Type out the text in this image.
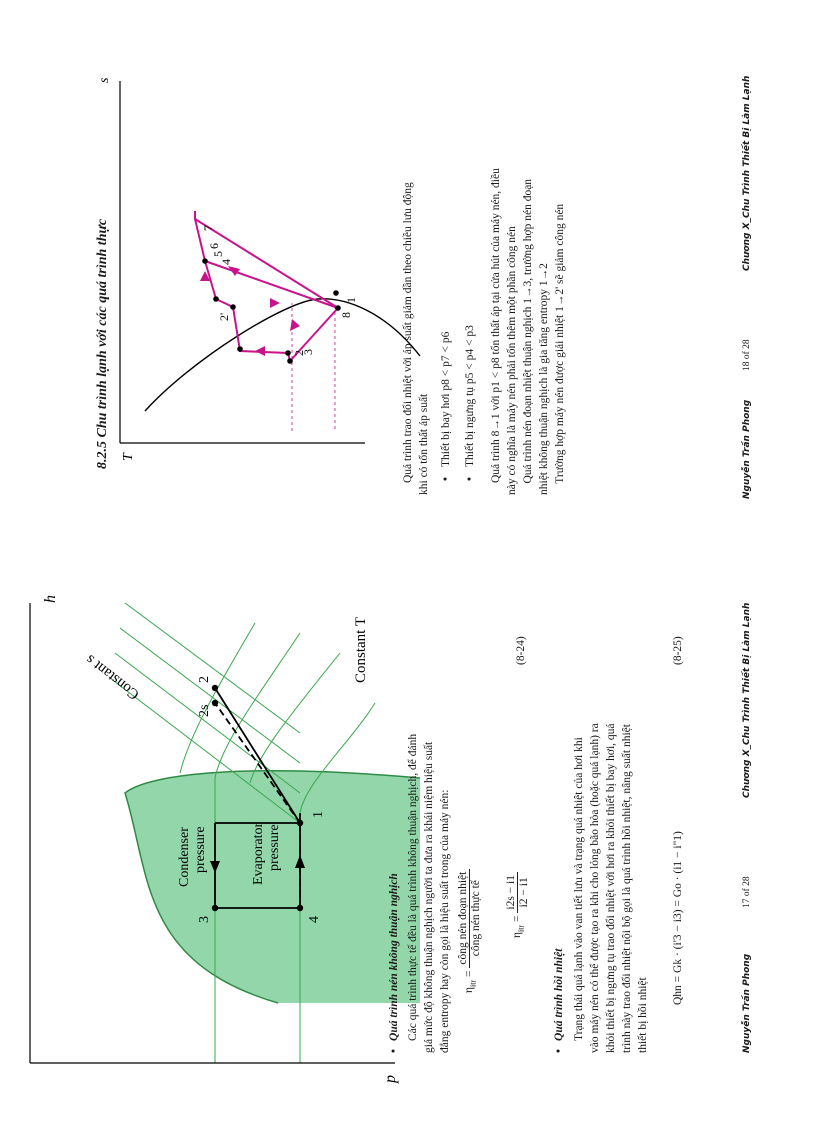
p
h
1
2
2s
3	4
Constant s	Constant T
Condenser pressure	Evaporator pressure
•Quá trình nén không thuận nghịch Các quá trình thực tế đều là quá trình không thuận nghịch, để đánh giá mức độ không thuận nghịch người ta đưa ra khái niệm hiệu suất đẳng entropy hay còn gọi là hiệu suất trong của máy nén:	$\eta_{itr}$ =
công nén đoạn nhiệt công nén thực tế	$\eta_{itr}$ =
i2s − i1 i2 − i1
(8-24)
•Quá trình hồi nhiệt Trạng thái quá lạnh vào van tiết lưu và trạng quá nhiệt của hơi khi vào máy nén có thể được tạo ra khi cho lỏng bão hòa (hoặc quá lạnh) ra khỏi thiết bị ngưng tụ trao đổi nhiệt với hơi ra khỏi thiết bị bay hơi, quá trình này trao đổi nhiệt nội bộ gọi là quá trình hồi nhiệt, nâng suất nhiệt thiết bị hồi nhiệt
Qhn = Gk · (i'3 − i3) = Go · (i1 − i"1)
(8-25)
Nguyễn Trần Phong
17 of 28
Chương X_Chu Trình Thiết Bị Làm Lạnh
8.2.5 Chu trình lạnh với các quá trình thực T
s
1
2
2'
3
4
5
6
7
8	Quá trình trao đổi nhiệt với áp suất giảm dần theo chiều lưu động khi có tổn thất áp suất •Thiết bị bay hơi p8 < p7 < p6
•Thiết bị ngưng tụ p5 < p4 < p3 Quá trình 8→1 với p1 < p8 tổn thất áp tại cửa hút của máy nén, điều này có nghĩa là máy nén phải tốn thêm một phần công nén Quá trình nén đoạn nhiệt thuận nghịch 1→3, trường hợp nén đoạn nhiệt không thuận nghịch là gia tăng entropy 1→2 Trường hợp máy nén được giải nhiệt 1→2' sẽ giảm công nén	Nguyễn Trần Phong
18 of 28
Chương X_Chu Trình Thiết Bị Làm Lạnh
